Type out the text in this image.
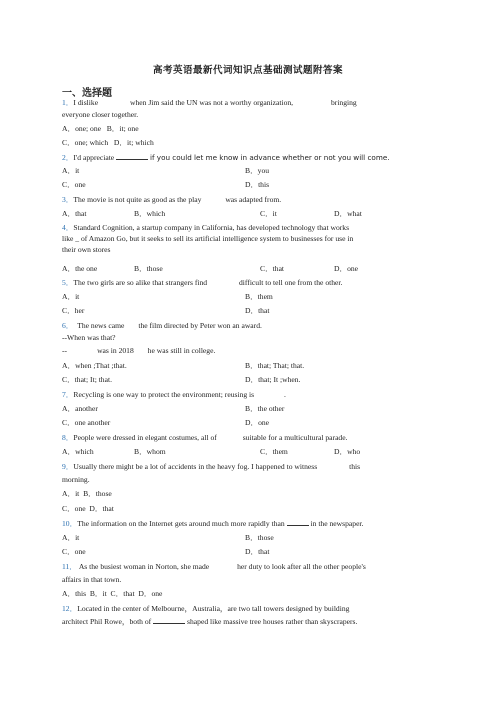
高考英语最新代词知识点基础测试题附答案
一、选择题
1．I dislike	when Jim said the UN was not a worthy organization,	bringing
everyone closer together.
A．one; one B．it; one
C．one; which D．it; which
2．I'd appreciate	if you could let me know in advance whether or not you will come.
A．it	B．you
C．one	D．this
3．The movie is not quite as good as the play	was adapted from.
A．that	B．which	C．it	D．what
4．Standard Cognition, a startup company in California, has developed technology that works
like _ of Amazon Go, but it seeks to sell its artificial intelligence system to businesses for use in
their own stores
A．the one	B．those	C．that	D．one
5．The two girls are so alike that strangers find	difficult to tell one from the other.
A．it	B．them
C．her	D．that
6． The news came the film directed by Peter won an award.
--When was that?
--	was in 2018 he was still in college.
A．when ;That ;that.	B．that; That; that.
C．that; It; that.	D．that; It ;when.
7．Recycling is one way to protect the environment; reusing is	.
A．another	B．the other
C．one another	D．one
8．People were dressed in elegant costumes, all of	suitable for a multicultural parade.
A．which	B．whom	C．them	D．who
9．Usually there might be a lot of accidents in the heavy fog. I happened to witness	this
morning.
A．it B．those
C．one D．that
10．The information on the Internet gets around much more rapidly than	in the newspaper.
A．it	B．those
C．one	D．that
11． As the busiest woman in Norton, she made	her duty to look after all the other people's
affairs in that town.
A．this B．it C．that D．one
12．Located in the center of Melbourne，Australia，are two tall towers designed by building
architect Phil Rowe，both of	shaped like massive tree houses rather than skyscrapers.
